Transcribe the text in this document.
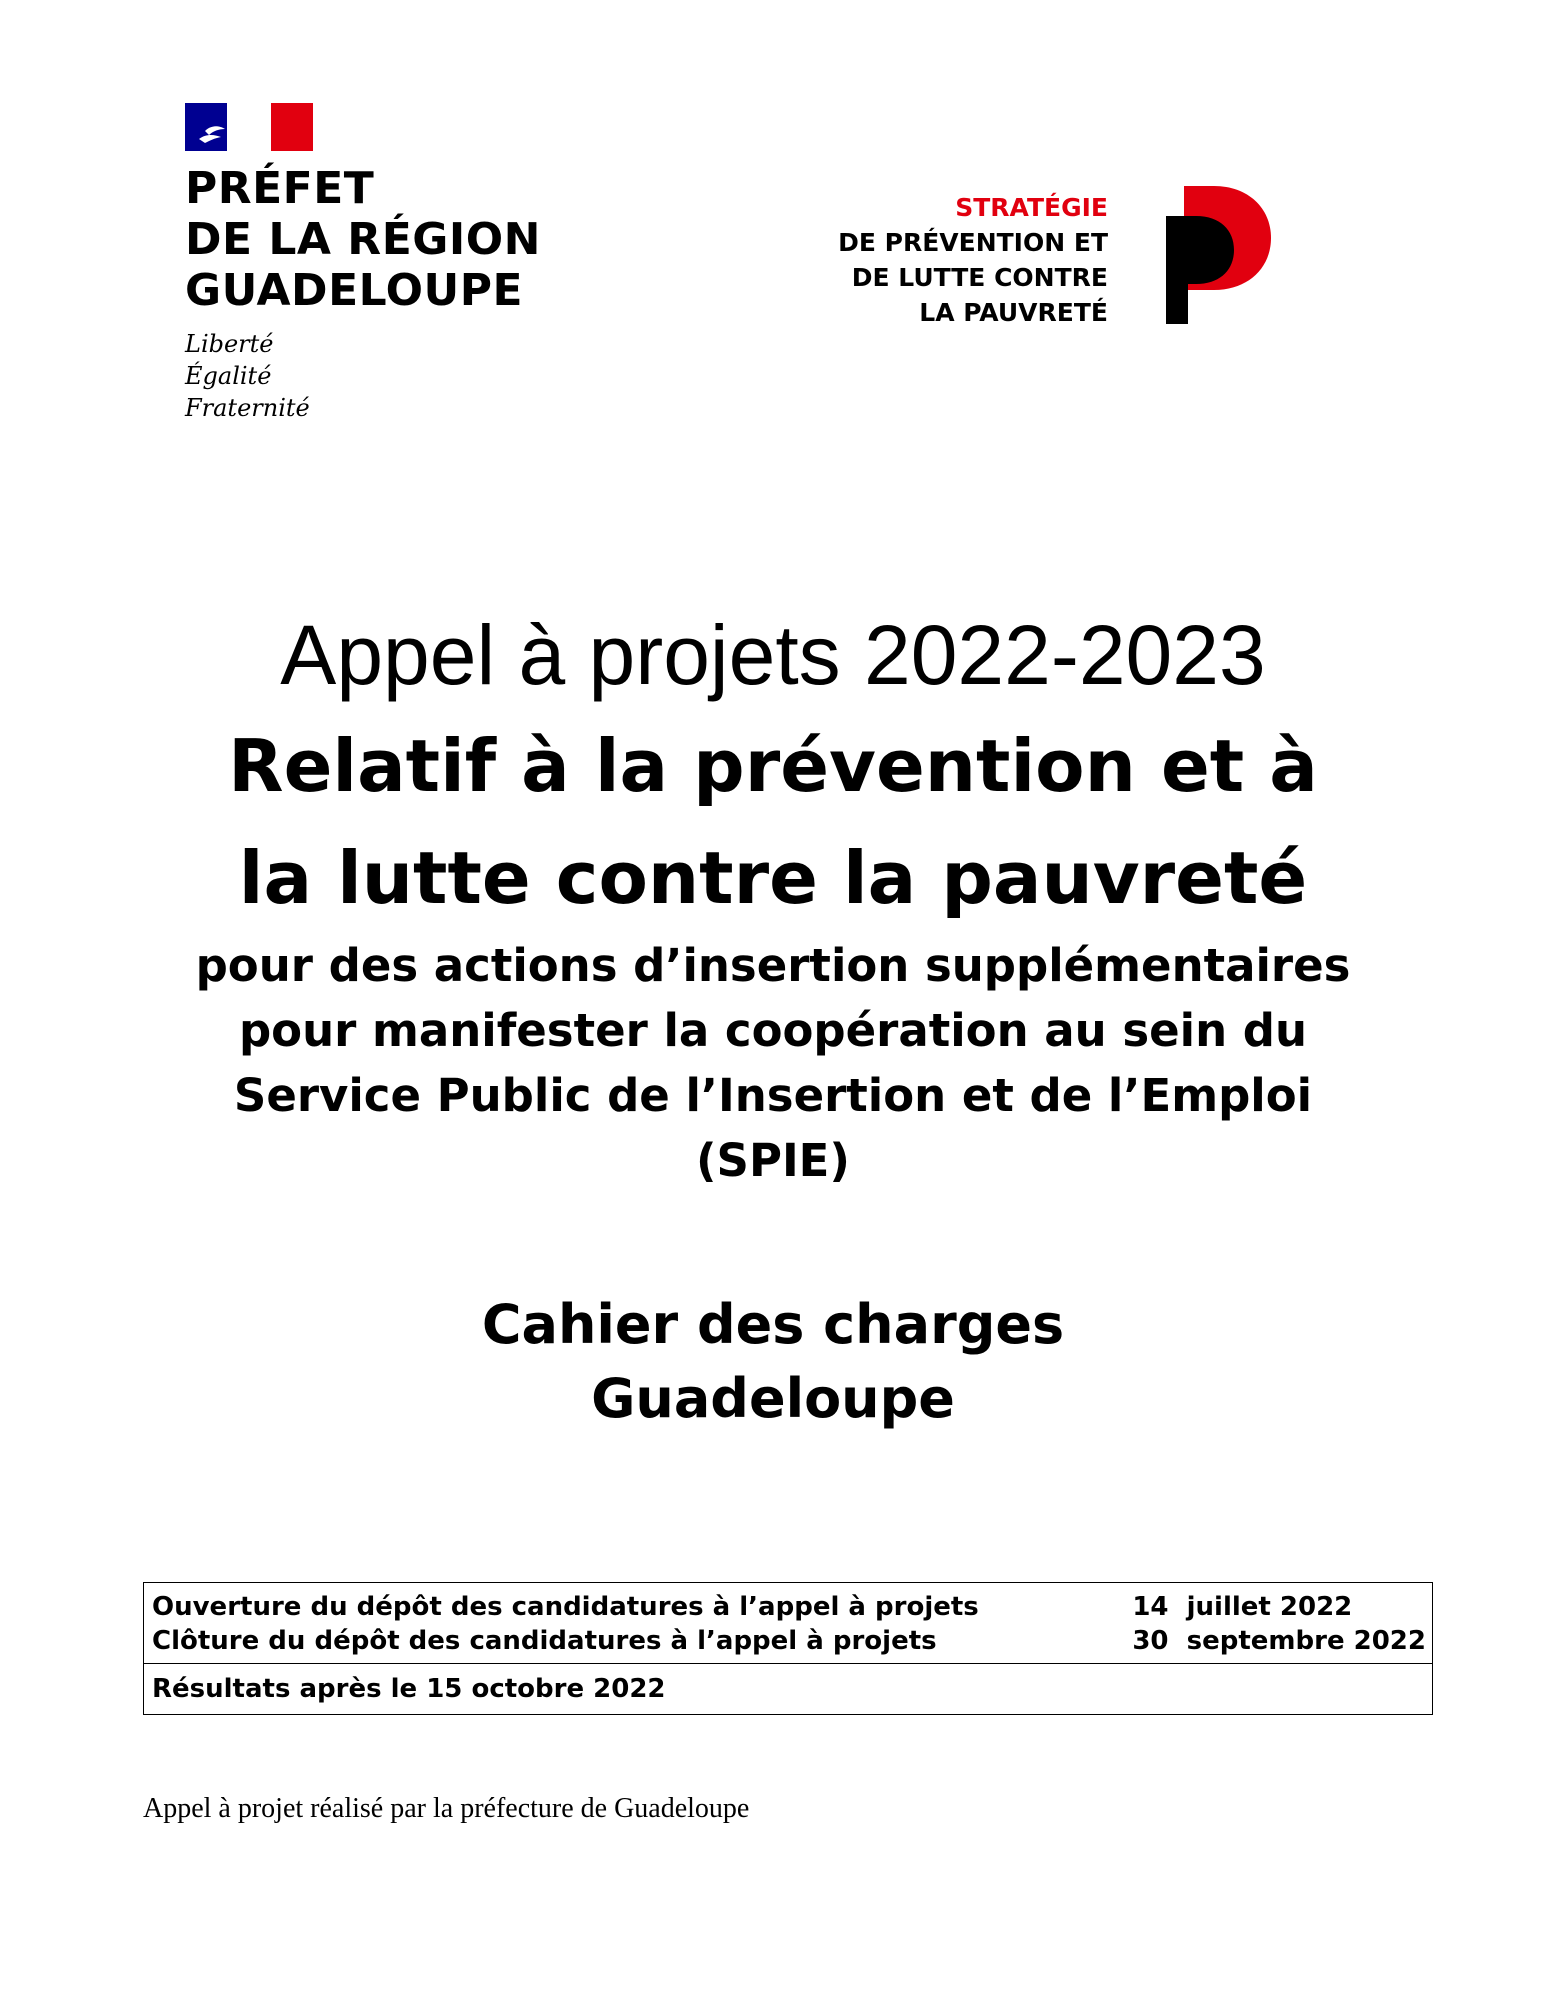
PRÉFET
DE LA RÉGION
GUADELOUPE
Liberté
Égalité
Fraternité
STRATÉGIE
DE PRÉVENTION ET
DE LUTTE CONTRE
LA PAUVRETÉ
Appel à projets 2022-2023
Relatif à la prévention et à
la lutte contre la pauvreté
pour des actions d’insertion supplémentaires
pour manifester la coopération au sein du
Service Public de l’Insertion et de l’Emploi
(SPIE)
Cahier des charges
Guadeloupe
Ouverture du dépôt des candidatures à l’appel à projets
Clôture du dépôt des candidatures à l’appel à projets
14  juillet 2022
30  septembre 2022
Résultats après le 15 octobre 2022
Appel à projet réalisé par la préfecture de Guadeloupe
